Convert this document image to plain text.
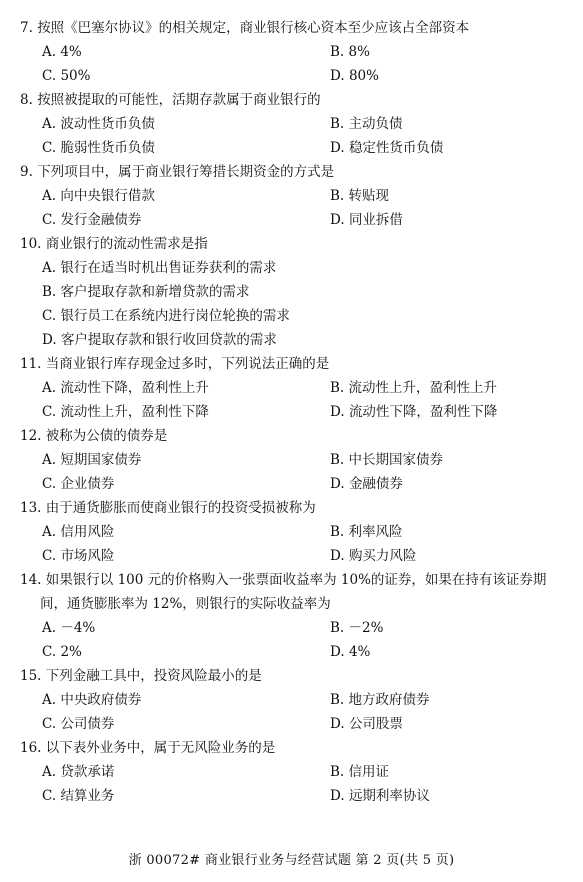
7. 按照《巴塞尔协议》的相关规定，商业银行核心资本至少应该占全部资本
A. 4%	B. 8%
C. 50%	D. 80%
8. 按照被提取的可能性，活期存款属于商业银行的
A. 波动性货币负债	B. 主动负债
C. 脆弱性货币负债	D. 稳定性货币负债
9. 下列项目中，属于商业银行筹措长期资金的方式是
A. 向中央银行借款	B. 转贴现
C. 发行金融债券	D. 同业拆借
10. 商业银行的流动性需求是指
A. 银行在适当时机出售证券获利的需求
B. 客户提取存款和新增贷款的需求
C. 银行员工在系统内进行岗位轮换的需求
D. 客户提取存款和银行收回贷款的需求
11. 当商业银行库存现金过多时，下列说法正确的是
A. 流动性下降，盈利性上升	B. 流动性上升，盈利性上升
C. 流动性上升，盈利性下降	D. 流动性下降，盈利性下降
12. 被称为公债的债券是
A. 短期国家债券	B. 中长期国家债券
C. 企业债券	D. 金融债券
13. 由于通货膨胀而使商业银行的投资受损被称为
A. 信用风险	B. 利率风险
C. 市场风险	D. 购买力风险
14. 如果银行以 100 元的价格购入一张票面收益率为 10%的证券，如果在持有该证券期
间，通货膨胀率为 12%，则银行的实际收益率为
A. －4%	B. －2%
C. 2%	D. 4%
15. 下列金融工具中，投资风险最小的是
A. 中央政府债券	B. 地方政府债券
C. 公司债券	D. 公司股票
16. 以下表外业务中，属于无风险业务的是
A. 贷款承诺	B. 信用证
C. 结算业务	D. 远期利率协议
浙 00072# 商业银行业务与经营试题 第 2 页(共 5 页)
